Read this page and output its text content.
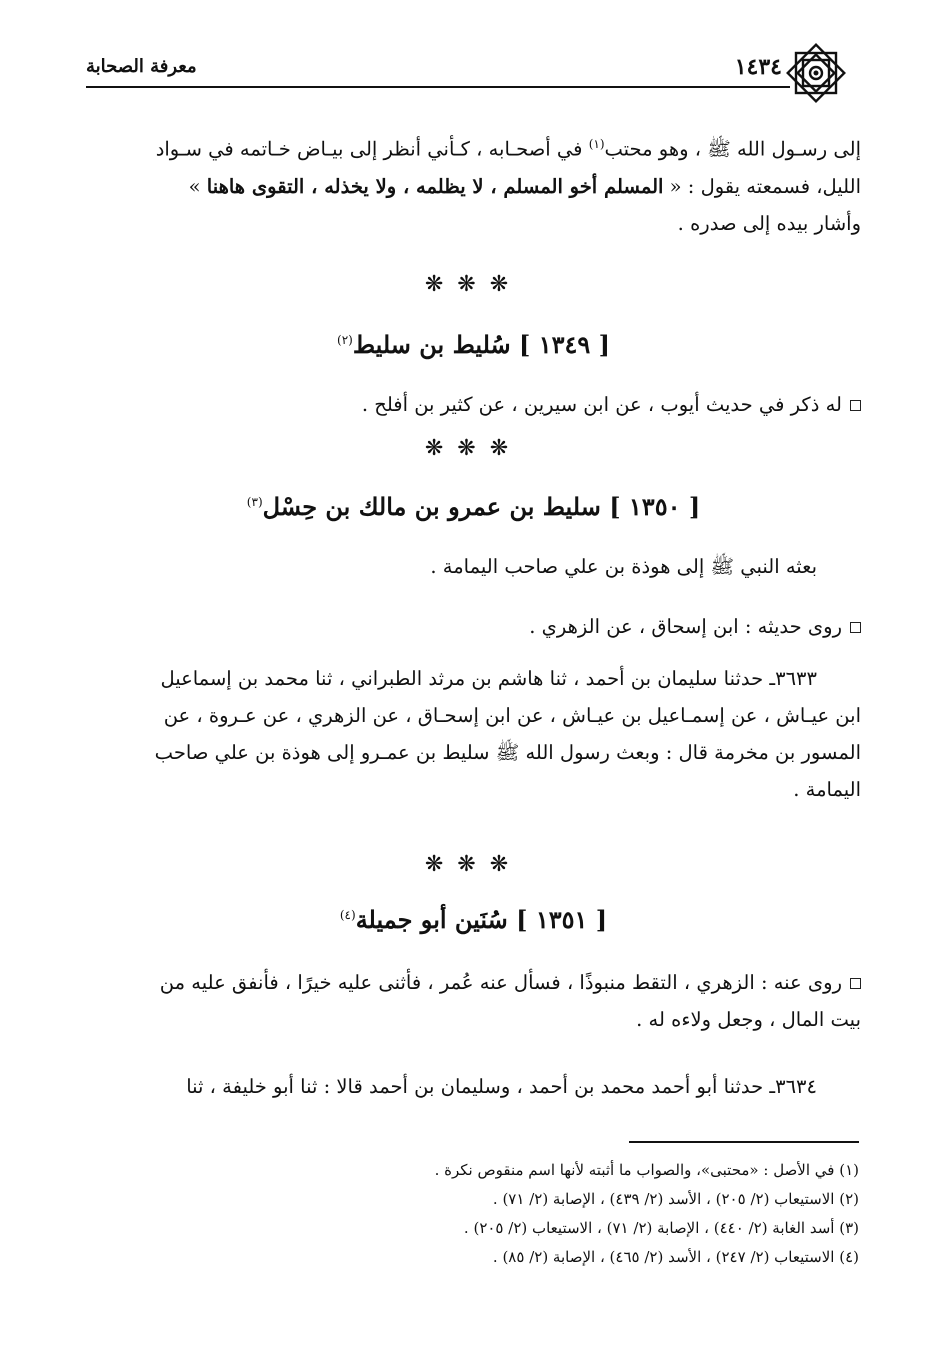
١٤٣٤
معرفة الصحابة
إلى رسـول الله ﷺ ، وهو محتب$^{(١)}$ في أصحـابه ، كـأني أنظر إلى بيـاض خـاتمه في سـواد
الليل، فسمعته يقول : « المسلم أخو المسلم ، لا يظلمه ، ولا يخذله ، التقوى هاهنا »
وأشار بيده إلى صدره .
❋❋❋
[ ١٣٤٩ ] سُليط بن سليط$^{(٢)}$
له ذكر في حديث أيوب ، عن ابن سيرين ، عن كثير بن أفلح .
❋❋❋
[ ١٣٥٠ ] سليط بن عمرو بن مالك بن حِسْل$^{(٣)}$
بعثه النبي ﷺ إلى هوذة بن علي صاحب اليمامة .
روى حديثه : ابن إسحاق ، عن الزهري .
٣٦٣٣ـ حدثنا سليمان بن أحمد ، ثنا هاشم بن مرثد الطبراني ، ثنا محمد بن إسماعيل
ابن عيـاش ، عن إسمـاعيل بن عيـاش ، عن ابن إسحـاق ، عن الزهري ، عن عـروة ، عن
المسور بن مخرمة قال : وبعث رسول الله ﷺ سليط بن عمـرو إلى هوذة بن علي صاحب
اليمامة .
❋❋❋
[ ١٣٥١ ] سُنَين أبو جميلة$^{(٤)}$
روى عنه : الزهري ، التقط منبوذًا ، فسأل عنه عُمر ، فأثنى عليه خيرًا ، فأنفق عليه من
بيت المال ، وجعل ولاءه له .
٣٦٣٤ـ حدثنا أبو أحمد محمد بن أحمد ، وسليمان بن أحمد قالا : ثنا أبو خليفة ، ثنا
(١) في الأصل : «محتبى»، والصواب ما أثبته لأنها اسم منقوص نكرة .
(٢) الاستيعاب (٢/ ٢٠٥) ، الأسد (٢/ ٤٣٩) ، الإصابة (٢/ ٧١) .
(٣) أسد الغابة (٢/ ٤٤٠) ، الإصابة (٢/ ٧١) ، الاستيعاب (٢/ ٢٠٥) .
(٤) الاستيعاب (٢/ ٢٤٧) ، الأسد (٢/ ٤٦٥) ، الإصابة (٢/ ٨٥) .
